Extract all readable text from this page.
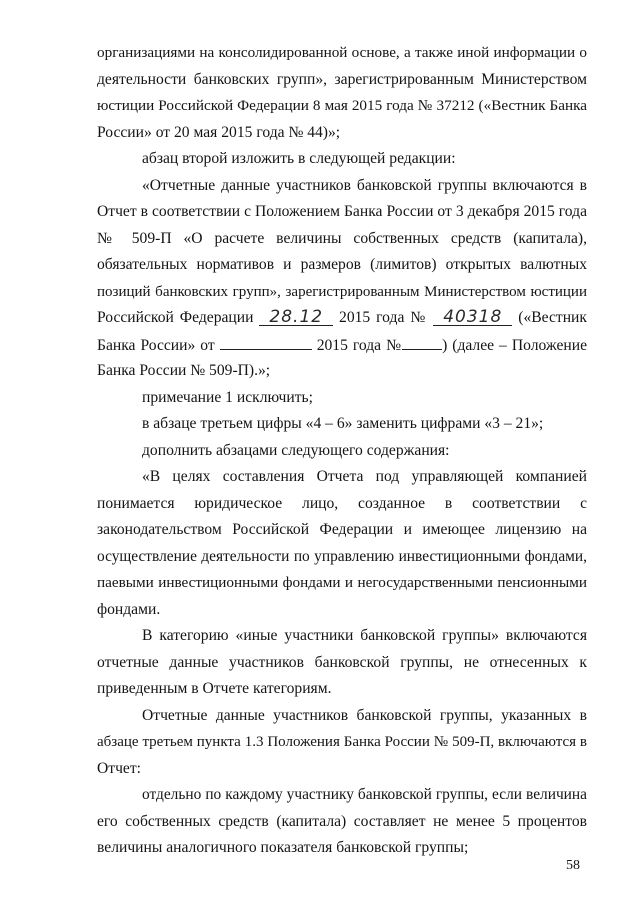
организациями на консолидированной основе, а также иной информации о
деятельности банковских групп», зарегистрированным Министерством
юстиции Российской Федерации 8 мая 2015 года № 37212 («Вестник Банка
России» от 20 мая 2015 года № 44)»;
абзац второй изложить в следующей редакции:
«Отчетные данные участников банковской группы включаются в
Отчет в соответствии с Положением Банка России от 3 декабря 2015 года
№ 509-П «О расчете величины собственных средств (капитала),
обязательных нормативов и размеров (лимитов) открытых валютных
позиций банковских групп», зарегистрированным Министерством юстиции
Российской Федерации 28.12 2015 года № 40318 («Вестник
Банка России» от	2015 года №	) (далее – Положение
Банка России № 509-П).»;
примечание 1 исключить;
в абзаце третьем цифры «4 – 6» заменить цифрами «3 – 21»;
дополнить абзацами следующего содержания:
«В целях составления Отчета под управляющей компанией
понимается юридическое лицо, созданное в соответствии с
законодательством Российской Федерации и имеющее лицензию на
осуществление деятельности по управлению инвестиционными фондами,
паевыми инвестиционными фондами и негосударственными пенсионными
фондами.
В категорию «иные участники банковской группы» включаются
отчетные данные участников банковской группы, не отнесенных к
приведенным в Отчете категориям.
Отчетные данные участников банковской группы, указанных в
абзаце третьем пункта 1.3 Положения Банка России № 509-П, включаются в
Отчет:
отдельно по каждому участнику банковской группы, если величина
его собственных средств (капитала) составляет не менее 5 процентов
величины аналогичного показателя банковской группы;
58
